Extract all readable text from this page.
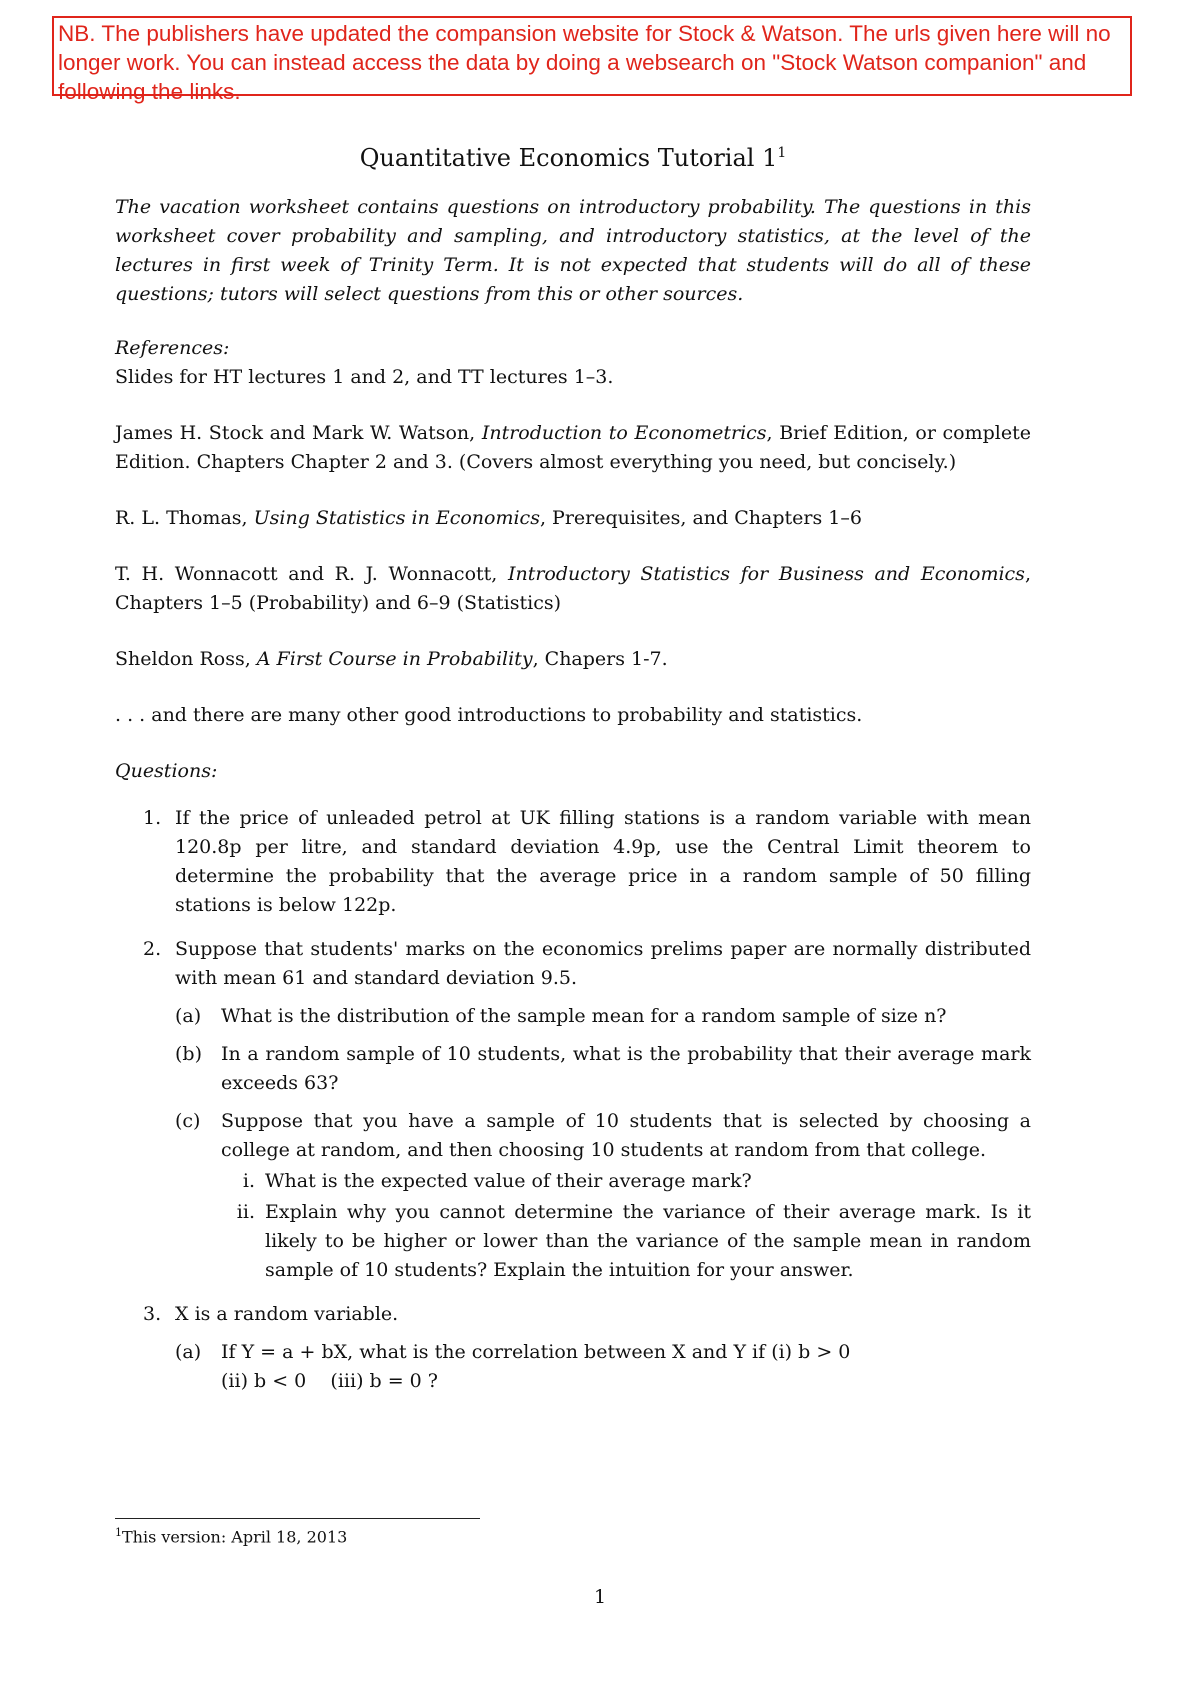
NB. The publishers have updated the compansion website for Stock & Watson. The urls given here will no longer work. You can instead access the data by doing a websearch on "Stock Watson companion" and following the links.
Quantitative Economics Tutorial $1^1$
The vacation worksheet contains questions on introductory probability. The questions in this worksheet cover probability and sampling, and introductory statistics, at the level of the lectures in first week of Trinity Term. It is not expected that students will do all of these questions; tutors will select questions from this or other sources.
References:

Slides for HT lectures 1 and 2, and TT lectures 1–3.

James H. Stock and Mark W. Watson, Introduction to Econometrics, Brief Edition, or complete Edition. Chapters Chapter 2 and 3. (Covers almost everything you need, but concisely.)

R. L. Thomas, Using Statistics in Economics, Prerequisites, and Chapters 1–6

T. H. Wonnacott and R. J. Wonnacott, Introductory Statistics for Business and Economics, Chapters 1–5 (Probability) and 6–9 (Statistics)

Sheldon Ross, A First Course in Probability, Chapers 1-7.

. . . and there are many other good introductions to probability and statistics.

Questions:
1. If the price of unleaded petrol at UK filling stations is a random variable with mean 120.8p per litre, and standard deviation 4.9p, use the Central Limit theorem to determine the probability that the average price in a random sample of 50 filling stations is below 122p.
2. Suppose that students' marks on the economics prelims paper are normally distributed with mean 61 and standard deviation 9.5.
(a) What is the distribution of the sample mean for a random sample of size n?
(b) In a random sample of 10 students, what is the probability that their average mark exceeds 63?
(c) Suppose that you have a sample of 10 students that is selected by choosing a college at random, and then choosing 10 students at random from that college.
i. What is the expected value of their average mark?
ii. Explain why you cannot determine the variance of their average mark. Is it likely to be higher or lower than the variance of the sample mean in random sample of 10 students? Explain the intuition for your answer.
3. X is a random variable.
(a) If Y = a + bX, what is the correlation between X and Y if (i) b > 0
(ii) b < 0    (iii) b = 0 ?
$^1$This version: April 18, 2013
1
